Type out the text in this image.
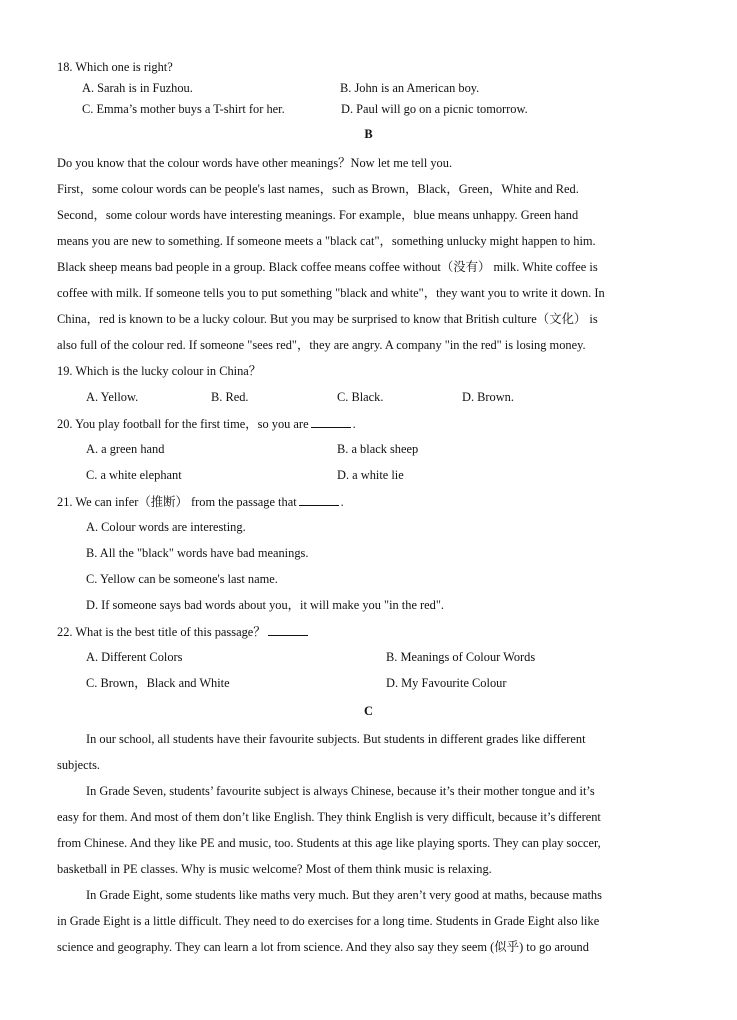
18. Which one is right?
A. Sarah is in Fuzhou.	B. John is an American boy.
C. Emma’s mother buys a T-shirt for her.	D. Paul will go on a picnic tomorrow.
B
Do you know that the colour words have other meanings？Now let me tell you.
First，some colour words can be people's last names，such as Brown，Black，Green，White and Red.
Second，some colour words have interesting meanings. For example，blue means unhappy. Green hand
means you are new to something. If someone meets a "black cat"，something unlucky might happen to him.
Black sheep means bad people in a group. Black coffee means coffee without（没有） milk. White coffee is
coffee with milk. If someone tells you to put something "black and white"，they want you to write it down. In
China，red is known to be a lucky colour. But you may be surprised to know that British culture（文化） is
also full of the colour red. If someone "sees red"，they are angry. A company "in the red" is losing money.
19. Which is the lucky colour in China？
A. Yellow.	B. Red.	C. Black.	D. Brown.
20. You play football for the first time，so you are	.
A. a green hand	B. a black sheep
C. a white elephant	D. a white lie
21. We can infer（推断） from the passage that	.
A. Colour words are interesting.
B. All the "black" words have bad meanings.
C. Yellow can be someone's last name.
D. If someone says bad words about you，it will make you "in the red".
22. What is the best title of this passage？
A. Different Colors	B. Meanings of Colour Words
C. Brown，Black and White	D. My Favourite Colour
C
In our school, all students have their favourite subjects. But students in different grades like different
subjects.
In Grade Seven, students’ favourite subject is always Chinese, because it’s their mother tongue and it’s
easy for them. And most of them don’t like English. They think English is very difficult, because it’s different
from Chinese. And they like PE and music, too. Students at this age like playing sports. They can play soccer,
basketball in PE classes. Why is music welcome? Most of them think music is relaxing.
In Grade Eight, some students like maths very much. But they aren’t very good at maths, because maths
in Grade Eight is a little difficult. They need to do exercises for a long time. Students in Grade Eight also like
science and geography. They can learn a lot from science. And they also say they seem (似乎) to go around
